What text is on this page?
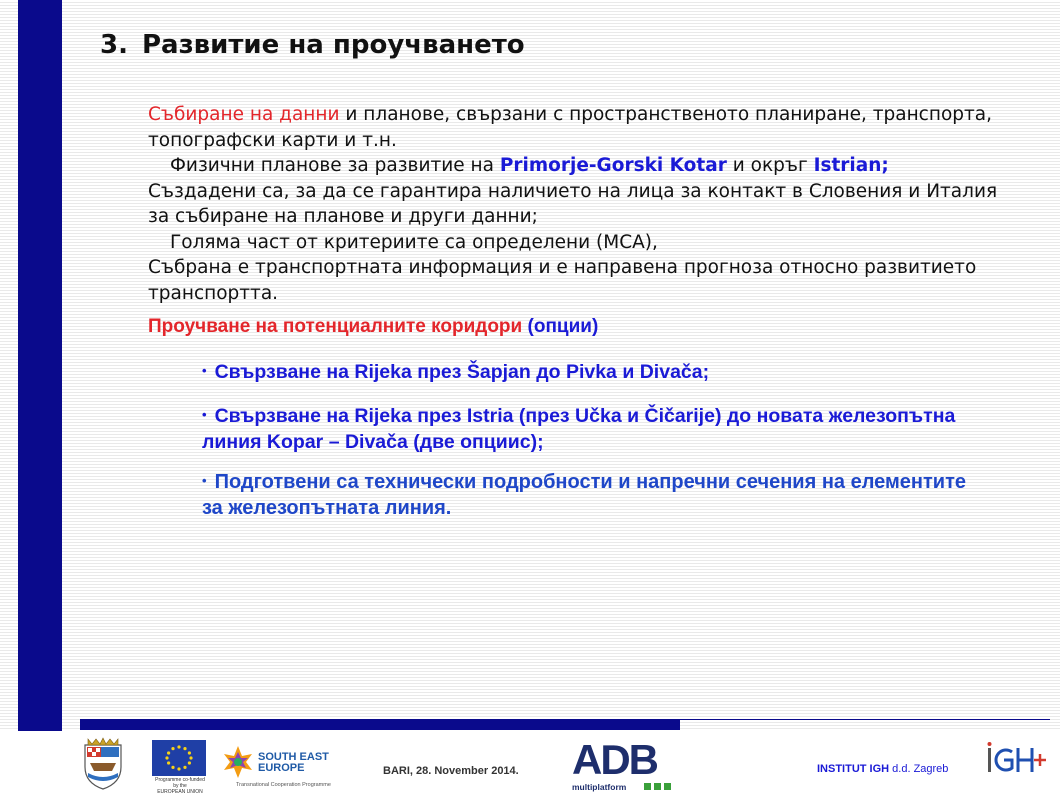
3. Развитие на проучването

Събиране на данни и планове, свързани с пространственото планиране, транспорта, топографски карти и т.н.

Физични планове за развитие на Primorje-Gorski Kotar и окръг Istrian;

Създадени са, за да се гарантира наличието на лица за контакт в Словения и Италия за събиране на планове и други данни;

Голяма част от критериите са определени (MCA),

Събрана е транспортната информация и е направена прогноза относно развитието транспортта.

Проучване на потенциалните коридори (опции)
• Свързване на Rijeka през Šapjan до Pivka и Divača;
• Свързване на Rijeka през Istria (през Učka и Čičarije) до новата железопътна линия Kopar – Divača (две опциис);
• Подготвени са технически подробности и напречни сечения на елементите за железопътната линия.
Programme co-funded by the
EUROPEAN UNION
SOUTH EAST
EUROPE
Transnational Cooperation Programme
BARI, 28. November 2014. ADB
multiplatform
INSTITUT IGH d.d. Zagreb
